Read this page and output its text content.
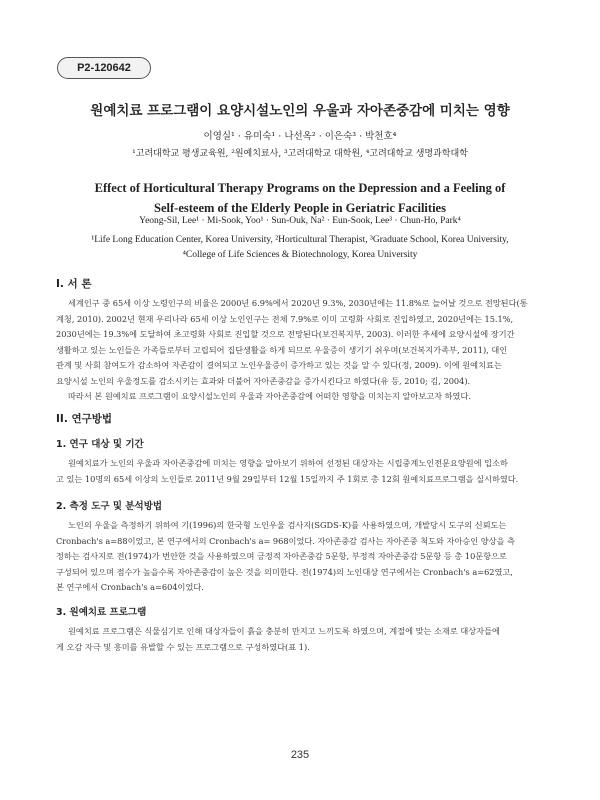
P2-120642
원예치료 프로그램이 요양시설노인의 우울과 자아존중감에 미치는 영향
이영실¹ · 유미숙¹ · 나선옥² · 이은숙³ · 박천호⁴
¹고려대학교 평생교육원, ²원예치료사, ³고려대학교 대학원, ⁴고려대학교 생명과학대학
Effect of Horticultural Therapy Programs on the Depression and a Feeling of
Self-esteem of the Elderly People in Geriatric Facilities
Yeong-Sil, Lee¹ · Mi-Sook, Yoo¹ · Sun-Ouk, Na² · Eun-Sook, Lee³ · Chun-Ho, Park⁴
¹Life Long Education Center, Korea University, ²Horticultural Therapist, ³Graduate School, Korea University,
⁴College of Life Sciences & Biotechnology, Korea University
I. 서 론
세계인구 중 65세 이상 노령인구의 비율은 2000년 6.9%에서 2020년 9.3%, 2030년에는 11.8%로 늘어날 것으로 전망된다(통
계청, 2010). 2002년 현재 우리나라 65세 이상 노인인구는 전체 7.9%로 이미 고령화 사회로 진입하였고, 2020년에는 15.1%,
2030년에는 19.3%에 도달하여 초고령화 사회로 진입할 것으로 전망된다(보건복지부, 2003). 이러한 추세에 요양시설에 장기간
생활하고 있는 노인들은 가족들로부터 고립되어 집단생활을 하게 되므로 우울증이 생기기 쉬우며(보건복지가족부, 2011), 대인
관계 및 사회 참여도가 감소하여 자존감이 결여되고 노인우울증이 증가하고 있는 것을 알 수 있다(정, 2009). 이에 원예치료는
요양시설 노인의 우울정도를 감소시키는 효과와 더불어 자아존중감을 증가시킨다고 하였다(유 등, 2010; 김, 2004).
따라서 본 원예치료 프로그램이 요양시설노인의 우울과 자아존중감에 어떠한 영향을 미치는지 알아보고자 하였다.
II. 연구방법
1. 연구 대상 및 기간
원예치료가 노인의 우울과 자아존중감에 미치는 영향을 알아보기 위하여 선정된 대상자는 시립중계노인전문요양원에 입소하
고 있는 10명의 65세 이상의 노인들로 2011년 9월 29일부터 12월 15일까지 주 1회로 총 12회 원예치료프로그램을 실시하였다.
2. 측정 도구 및 분석방법
노인의 우울을 측정하기 위하여 기(1996)의 한국형 노인우울 검사지(SGDS-K)를 사용하였으며, 개발당시 도구의 신뢰도는
Cronbach's a=88이었고, 본 연구에서의 Cronbach's a= 968이었다. 자아존중감 검사는 자아존중 척도와 자아승인 양상을 측
정하는 검사지로 전(1974)가 번안한 것을 사용하였으며 긍정적 자아존중감 5문항, 부정적 자아존중감 5문항 등 총 10문항으로
구성되어 있으며 점수가 높을수록 자아존중감이 높은 것을 의미한다. 전(1974)의 노인대상 연구에서는 Cronbach's a=62였고,
본 연구에서 Cronbach's a=604이었다.
3. 원예치료 프로그램
원예치료 프로그램은 식물심기로 인해 대상자들이 흙을 충분히 만지고 느끼도록 하였으며, 계절에 맞는 소재로 대상자들에
게 오감 자극 및 흥미를 유발할 수 있는 프로그램으로 구성하였다(표 1).
235
